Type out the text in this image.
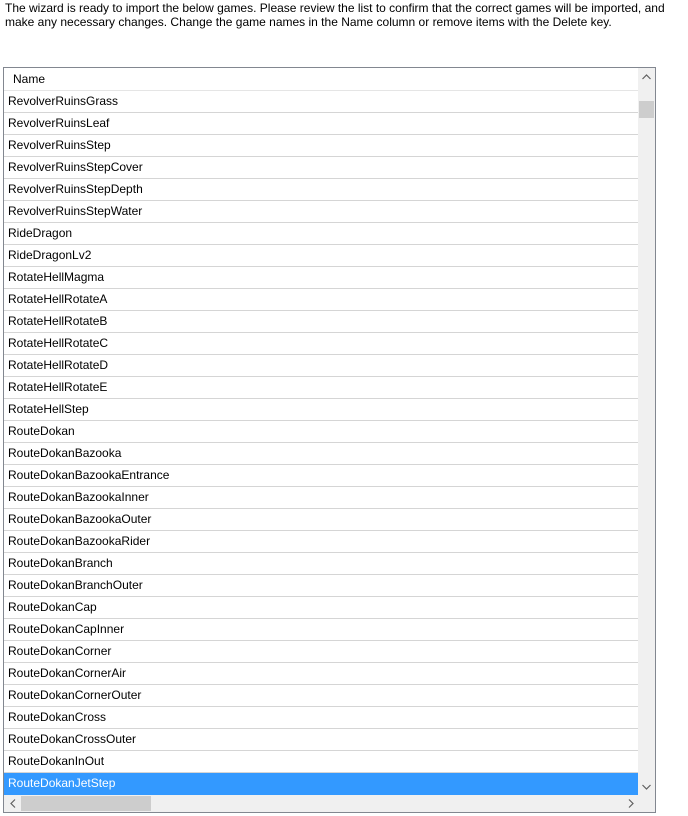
The wizard is ready to import the below games. Please review the list to confirm that the correct games will be imported, and make any necessary changes. Change the game names in the Name column or remove items with the Delete key.
Name
RevolverRuinsGrass
RevolverRuinsLeaf
RevolverRuinsStep
RevolverRuinsStepCover
RevolverRuinsStepDepth
RevolverRuinsStepWater
RideDragon
RideDragonLv2
RotateHellMagma
RotateHellRotateA
RotateHellRotateB
RotateHellRotateC
RotateHellRotateD
RotateHellRotateE
RotateHellStep
RouteDokan
RouteDokanBazooka
RouteDokanBazookaEntrance
RouteDokanBazookaInner
RouteDokanBazookaOuter
RouteDokanBazookaRider
RouteDokanBranch
RouteDokanBranchOuter
RouteDokanCap
RouteDokanCapInner
RouteDokanCorner
RouteDokanCornerAir
RouteDokanCornerOuter
RouteDokanCross
RouteDokanCrossOuter
RouteDokanInOut
RouteDokanJetStep
